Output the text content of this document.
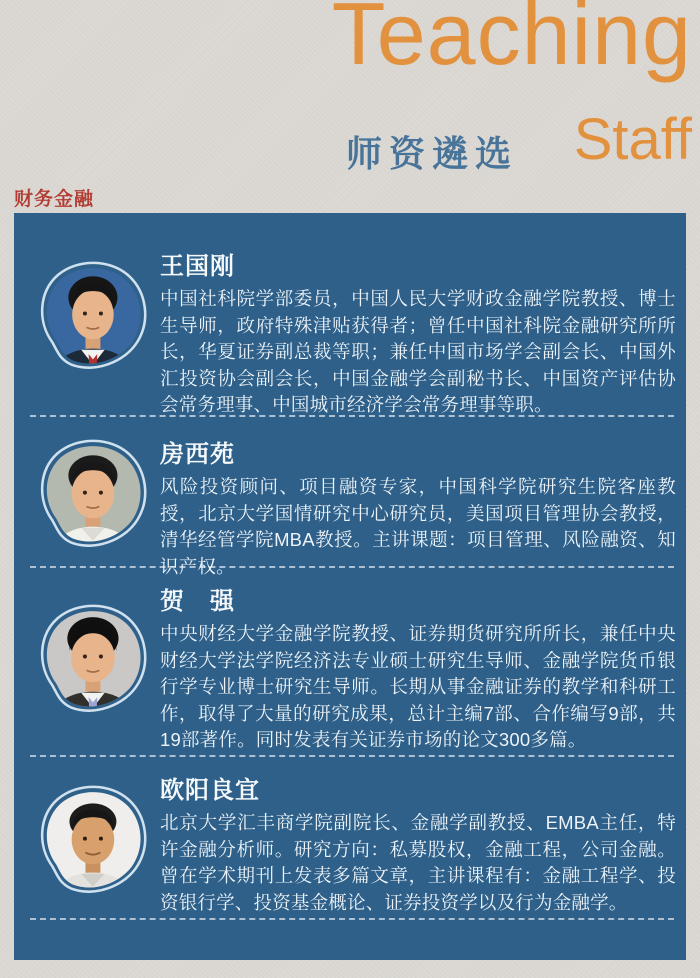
Teaching
师资遴选 Staff
财务金融
王国刚
中国社科院学部委员，中国人民大学财政金融学院教授、博士生导师，政府特殊津贴获得者；曾任中国社科院金融研究所所长，华夏证券副总裁等职；兼任中国市场学会副会长、中国外汇投资协会副会长，中国金融学会副秘书长、中国资产评估协会常务理事、中国城市经济学会常务理事等职。
房西苑
风险投资顾问、项目融资专家，中国科学院研究生院客座教授，北京大学国情研究中心研究员，美国项目管理协会教授，清华经管学院MBA教授。主讲课题：项目管理、风险融资、知识产权。
贺　强
中央财经大学金融学院教授、证券期货研究所所长，兼任中央财经大学法学院经济法专业硕士研究生导师、金融学院货币银行学专业博士研究生导师。长期从事金融证券的教学和科研工作，取得了大量的研究成果，总计主编7部、合作编写9部，共19部著作。同时发表有关证券市场的论文300多篇。
欧阳良宜
北京大学汇丰商学院副院长、金融学副教授、EMBA主任，特许金融分析师。研究方向：私募股权，金融工程，公司金融。曾在学术期刊上发表多篇文章，主讲课程有：金融工程学、投资银行学、投资基金概论、证券投资学以及行为金融学。
